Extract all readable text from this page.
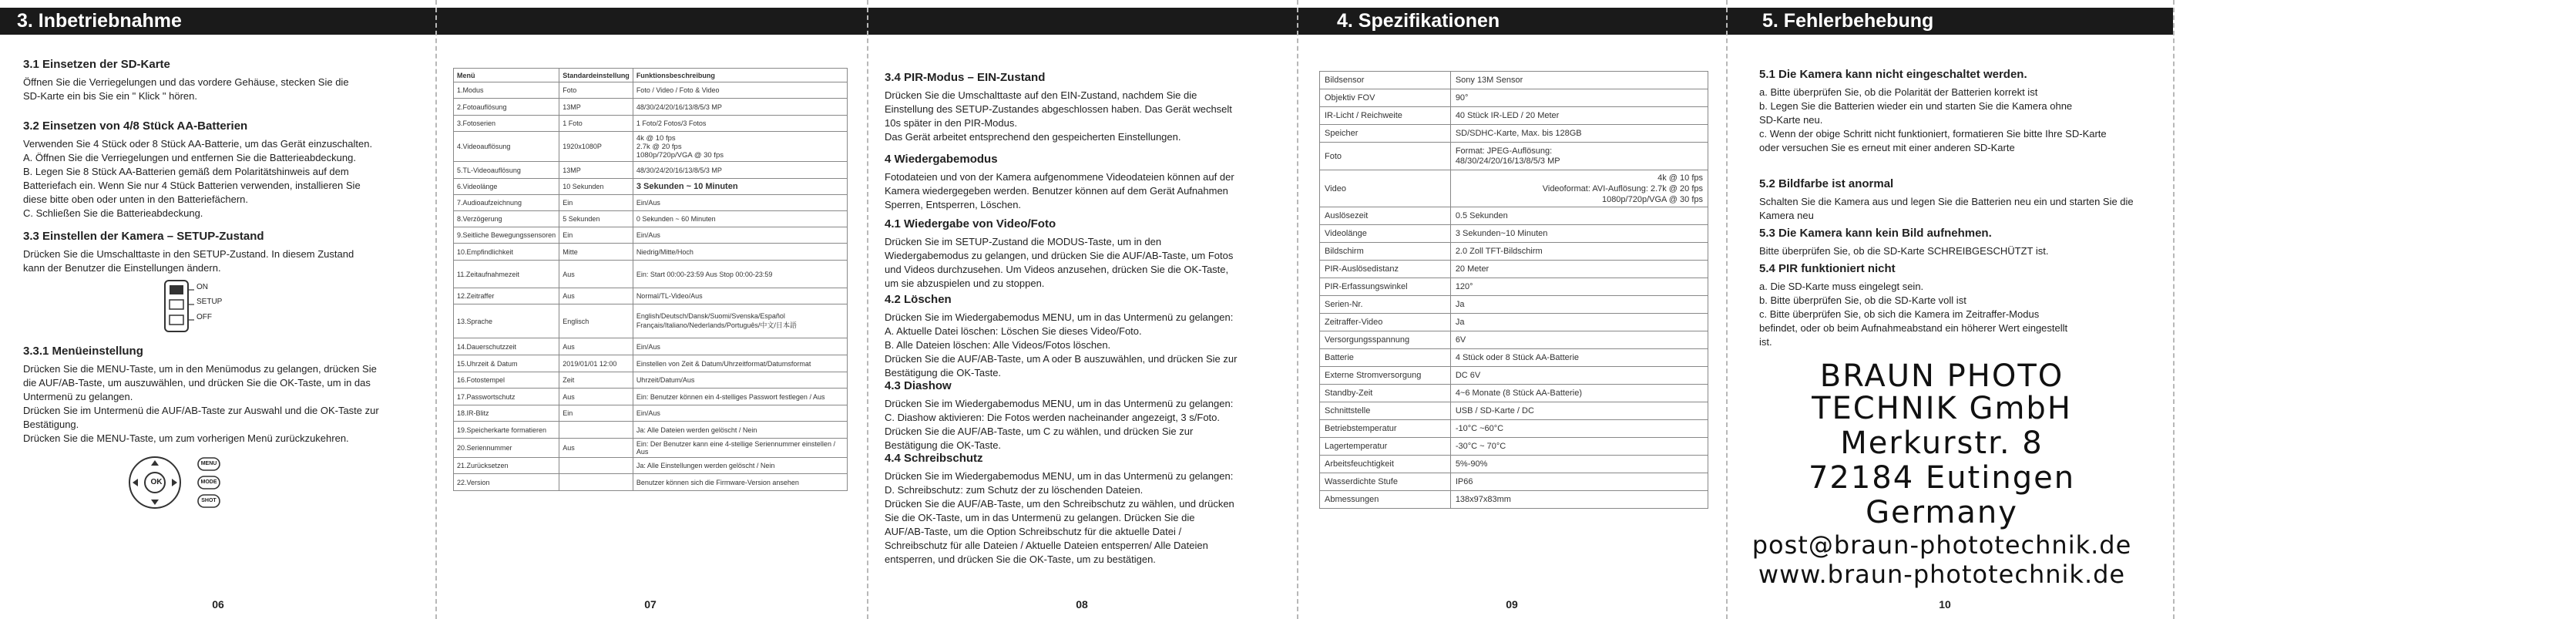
3. Inbetriebnahme	4. Spezifikationen	5. Fehlerbehebung
3.1 Einsetzen der SD-Karte

Öffnen Sie die Verriegelungen und das vordere Gehäuse, stecken Sie die

SD-Karte ein bis Sie ein " Klick " hören.

3.2 Einsetzen von 4/8 Stück AA-Batterien

Verwenden Sie 4 Stück oder 8 Stück AA-Batterie, um das Gerät einzuschalten.

A. Öffnen Sie die Verriegelungen und entfernen Sie die Batterieabdeckung.

B. Legen Sie 8 Stück AA-Batterien gemäß dem Polaritätshinweis auf dem

Batteriefach ein. Wenn Sie nur 4 Stück Batterien verwenden, installieren Sie

diese bitte oben oder unten in den Batteriefächern.

C. Schließen Sie die Batterieabdeckung.

3.3 Einstellen der Kamera – SETUP-Zustand

Drücken Sie die Umschalttaste in den SETUP-Zustand. In diesem Zustand

kann der Benutzer die Einstellungen ändern.

ON
SETUP
OFF
3.3.1 Menüeinstellung

Drücken Sie die MENU-Taste, um in den Menümodus zu gelangen, drücken Sie

die AUF/AB-Taste, um auszuwählen, und drücken Sie die OK-Taste, um in das

Untermenü zu gelangen.

Drücken Sie im Untermenü die AUF/AB-Taste zur Auswahl und die OK-Taste zur

Bestätigung.

Drücken Sie die MENU-Taste, um zum vorherigen Menü zurückzukehren.

OK
MENU
MODE
SHOT
06
Menü	Standardeinstellung	Funktionsbeschreibung
1.Modus	Foto	Foto / Video / Foto & Video
2.Fotoauflösung	13MP	48/30/24/20/16/13/8/5/3 MP
3.Fotoserien	1 Foto	1 Foto/2 Fotos/3 Fotos
4.Videoauflösung	1920x1080P	4k @ 10 fps
2.7k @ 20 fps
1080p/720p/VGA @ 30 fps
5.TL-Videoauflösung	13MP	48/30/24/20/16/13/8/5/3 MP
6.Videolänge	10 Sekunden	3 Sekunden ~ 10 Minuten
7.Audioaufzeichnung	Ein	Ein/Aus
8.Verzögerung	5 Sekunden	0 Sekunden ~ 60 Minuten
9.Seitliche Bewegungssensoren	Ein	Ein/Aus
10.Empfindlichkeit	Mitte	Niedrig/Mitte/Hoch
11.Zeitaufnahmezeit	Aus	Ein: Start 00:00-23:59 Aus Stop 00:00-23:59
12.Zeitraffer	Aus	Normal/TL-Video/Aus
13.Sprache	Englisch	English/Deutsch/Dansk/Suomi/Svenska/Español
Français/Italiano/Nederlands/Português/中文/日本語
14.Dauerschutzzeit	Aus	Ein/Aus
15.Uhrzeit & Datum	2019/01/01 12:00	Einstellen von Zeit & Datum/Uhrzeitformat/Datumsformat
16.Fotostempel	Zeit	Uhrzeit/Datum/Aus
17.Passwortschutz	Aus	Ein: Benutzer können ein 4-stelliges Passwort festlegen / Aus
18.IR-Blitz	Ein	Ein/Aus
19.Speicherkarte formatieren		Ja: Alle Dateien werden gelöscht / Nein
20.Seriennummer	Aus	Ein: Der Benutzer kann eine 4-stellige Seriennummer einstellen / Aus
21.Zurücksetzen		Ja: Alle Einstellungen werden gelöscht / Nein
22.Version		Benutzer können sich die Firmware-Version ansehen
07
3.4 PIR-Modus – EIN-Zustand

Drücken Sie die Umschalttaste auf den EIN-Zustand, nachdem Sie die

Einstellung des SETUP-Zustandes abgeschlossen haben. Das Gerät wechselt

10s später in den PIR-Modus.

Das Gerät arbeitet entsprechend den gespeicherten Einstellungen.

4 Wiedergabemodus

Fotodateien und von der Kamera aufgenommene Videodateien können auf der

Kamera wiedergegeben werden. Benutzer können auf dem Gerät Aufnahmen

Sperren, Entsperren, Löschen.

4.1 Wiedergabe von Video/Foto

Drücken Sie im SETUP-Zustand die MODUS-Taste, um in den

Wiedergabemodus zu gelangen, und drücken Sie die AUF/AB-Taste, um Fotos

und Videos durchzusehen. Um Videos anzusehen, drücken Sie die OK-Taste,

um sie abzuspielen und zu stoppen.

4.2 Löschen

Drücken Sie im Wiedergabemodus MENU, um in das Untermenü zu gelangen:

A. Aktuelle Datei löschen: Löschen Sie dieses Video/Foto.

B. Alle Dateien löschen: Alle Videos/Fotos löschen.

Drücken Sie die AUF/AB-Taste, um A oder B auszuwählen, und drücken Sie zur

Bestätigung die OK-Taste.

4.3 Diashow

Drücken Sie im Wiedergabemodus MENU, um in das Untermenü zu gelangen:

C. Diashow aktivieren: Die Fotos werden nacheinander angezeigt, 3 s/Foto.

Drücken Sie die AUF/AB-Taste, um C zu wählen, und drücken Sie zur

Bestätigung die OK-Taste.

4.4 Schreibschutz

Drücken Sie im Wiedergabemodus MENU, um in das Untermenü zu gelangen:

D. Schreibschutz: zum Schutz der zu löschenden Dateien.

Drücken Sie die AUF/AB-Taste, um den Schreibschutz zu wählen, und drücken

Sie die OK-Taste, um in das Untermenü zu gelangen. Drücken Sie die

AUF/AB-Taste, um die Option Schreibschutz für die aktuelle Datei /

Schreibschutz für alle Dateien / Aktuelle Dateien entsperren/ Alle Dateien

entsperren, und drücken Sie die OK-Taste, um zu bestätigen.

08
Bildsensor	Sony 13M Sensor
Objektiv FOV	90°
IR-Licht / Reichweite	40 Stück IR-LED / 20 Meter
Speicher	SD/SDHC-Karte, Max. bis 128GB
Foto	Format: JPEG-Auflösung:
48/30/24/20/16/13/8/5/3 MP
Video	4k @ 10 fps
Videoformat: AVI-Auflösung: 2.7k @ 20 fps
1080p/720p/VGA @ 30 fps
Auslösezeit	0.5 Sekunden
Videolänge	3 Sekunden~10 Minuten
Bildschirm	2.0 Zoll TFT-Bildschirm
PIR-Auslösedistanz	20 Meter
PIR-Erfassungswinkel	120°
Serien-Nr.	Ja
Zeitraffer-Video	Ja
Versorgungsspannung	6V
Batterie	4 Stück oder 8 Stück AA-Batterie
Externe Stromversorgung	DC 6V
Standby-Zeit	4~6 Monate (8 Stück AA-Batterie)
Schnittstelle	USB / SD-Karte / DC
Betriebstemperatur	-10°C ~60°C
Lagertemperatur	-30°C ~ 70°C
Arbeitsfeuchtigkeit	5%-90%
Wasserdichte Stufe	IP66
Abmessungen	138x97x83mm
09
5.1 Die Kamera kann nicht eingeschaltet werden.

a. Bitte überprüfen Sie, ob die Polarität der Batterien korrekt ist

b. Legen Sie die Batterien wieder ein und starten Sie die Kamera ohne

SD-Karte neu.

c. Wenn der obige Schritt nicht funktioniert, formatieren Sie bitte Ihre SD-Karte

oder versuchen Sie es erneut mit einer anderen SD-Karte

5.2 Bildfarbe ist anormal

Schalten Sie die Kamera aus und legen Sie die Batterien neu ein und starten Sie die

Kamera neu

5.3 Die Kamera kann kein Bild aufnehmen.

Bitte überprüfen Sie, ob die SD-Karte SCHREIBGESCHÜTZT ist.

5.4 PIR funktioniert nicht

a. Die SD-Karte muss eingelegt sein.

b. Bitte überprüfen Sie, ob die SD-Karte voll ist

c. Bitte überprüfen Sie, ob sich die Kamera im Zeitraffer-Modus

befindet, oder ob beim Aufnahmeabstand ein höherer Wert eingestellt

ist.

BRAUN PHOTO
TECHNIK GmbH
Merkurstr. 8
72184 Eutingen
Germany
post@braun-phototechnik.de
www.braun-phototechnik.de
10
